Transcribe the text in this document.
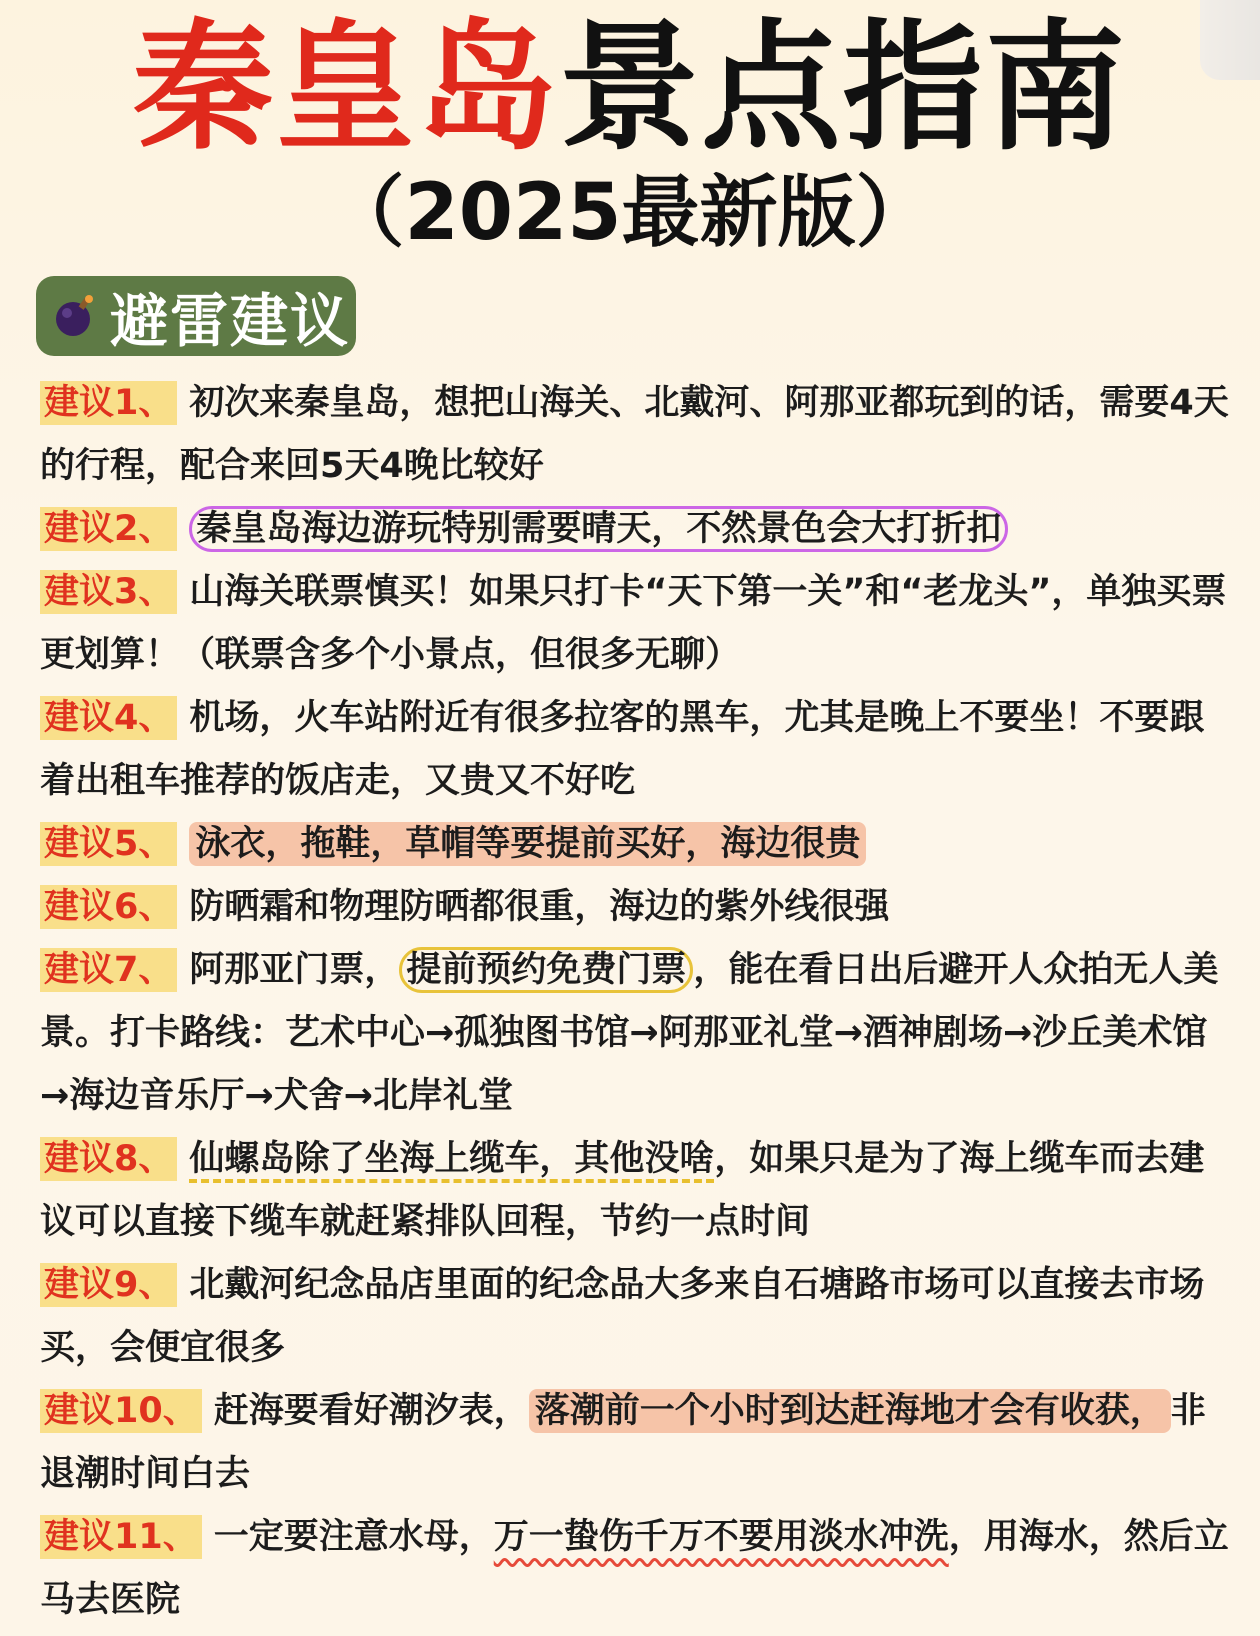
秦皇岛景点指南
（2025最新版）
避雷建议
建议1、 初次来秦皇岛，想把山海关、北戴河、阿那亚都玩到的话，需要4天的行程，配合来回5天4晚比较好
建议2、 秦皇岛海边游玩特别需要晴天，不然景色会大打折扣
建议3、 山海关联票慎买！如果只打卡“天下第一关”和“老龙头”，单独买票更划算！（联票含多个小景点，但很多无聊）
建议4、 机场，火车站附近有很多拉客的黑车，尤其是晚上不要坐！不要跟着出租车推荐的饭店走，又贵又不好吃
建议5、 泳衣，拖鞋，草帽等要提前买好，海边很贵
建议6、 防晒霜和物理防晒都很重，海边的紫外线很强
建议7、 阿那亚门票， 提前预约免费门票 ，能在看日出后避开人众拍无人美景。打卡路线：艺术中心→孤独图书馆→阿那亚礼堂→酒神剧场→沙丘美术馆→海边音乐厅→犬舍→北岸礼堂
建议8、 仙螺岛除了坐海上缆车，其他没啥，如果只是为了海上缆车而去建议可以直接下缆车就赶紧排队回程，节约一点时间
建议9、 北戴河纪念品店里面的纪念品大多来自石塘路市场可以直接去市场买，会便宜很多
建议10、 赶海要看好潮汐表， 落潮前一个小时到达赶海地才会有收获， 非退潮时间白去
建议11、 一定要注意水母，万一蛰伤千万不要用淡水冲洗，用海水，然后立马去医院
